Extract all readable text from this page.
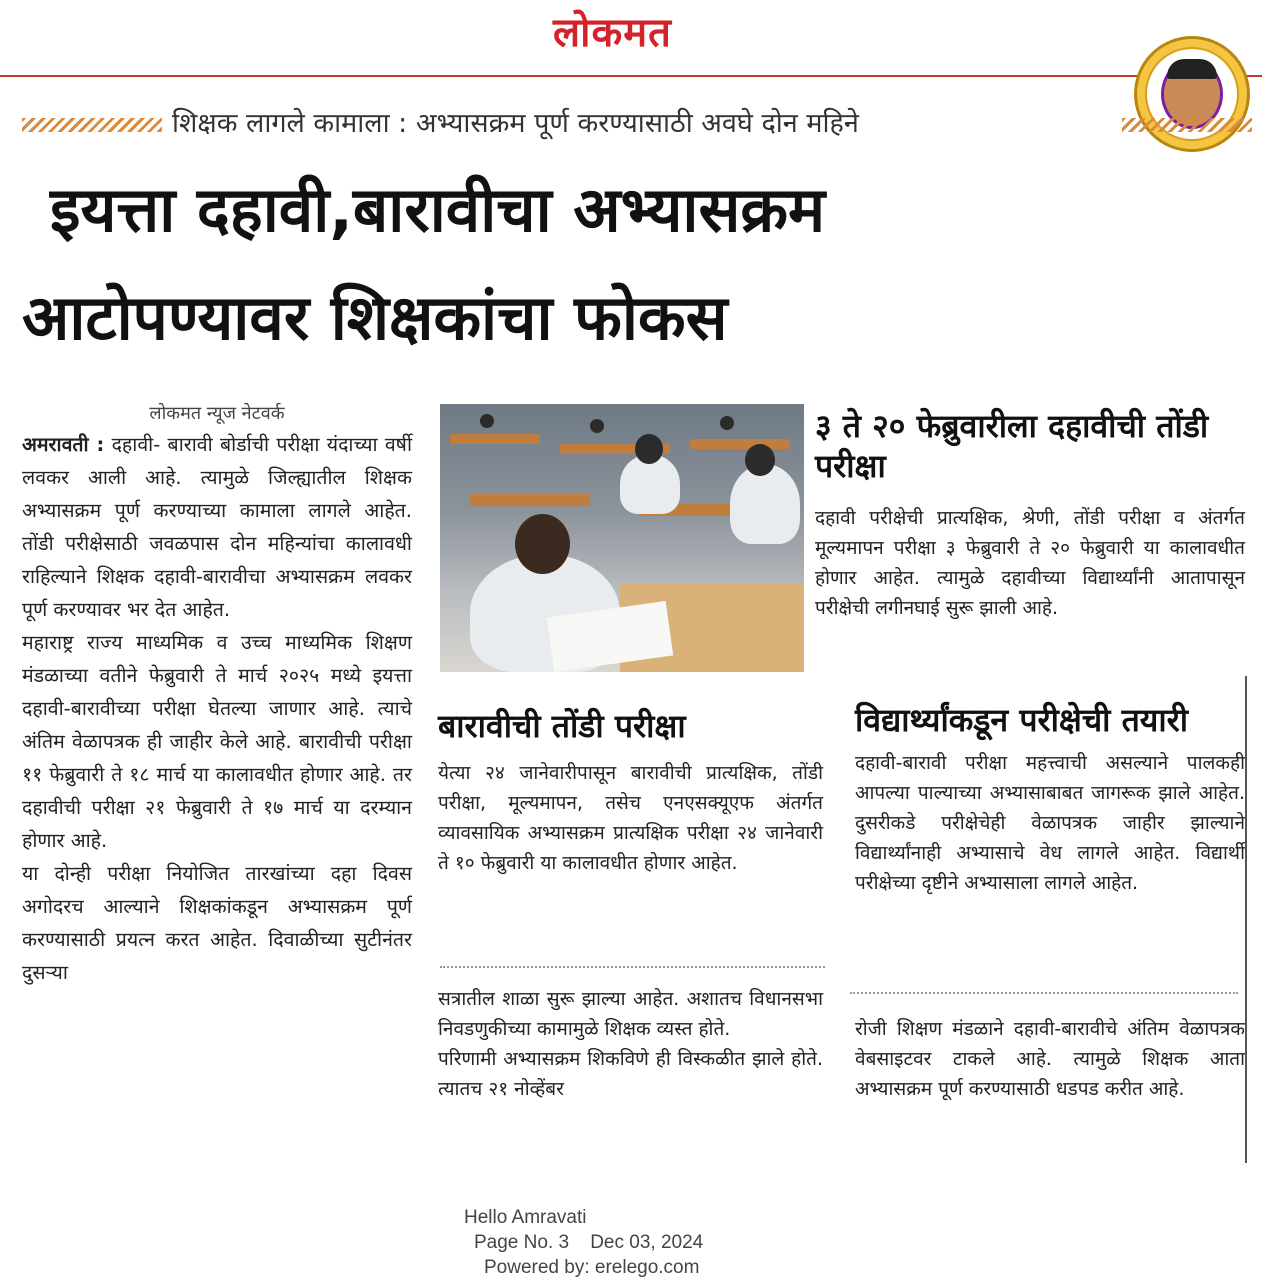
लोकमत
शिक्षक लागले कामाला : अभ्यासक्रम पूर्ण करण्यासाठी अवघे दोन महिने
इयत्ता दहावी,बारावीचा अभ्यासक्रम
आटोपण्यावर शिक्षकांचा फोकस
लोकमत न्यूज नेटवर्क

अमरावती : दहावी- बारावी बोर्डाची परीक्षा यंदाच्या वर्षी लवकर आली आहे. त्यामुळे जिल्ह्यातील शिक्षक अभ्यासक्रम पूर्ण करण्याच्या कामाला लागले आहेत. तोंडी परीक्षेसाठी जवळपास दोन महिन्यांचा कालावधी राहिल्याने शिक्षक दहावी-बारावीचा अभ्यासक्रम लवकर पूर्ण करण्यावर भर देत आहेत.

महाराष्ट्र राज्य माध्यमिक व उच्च माध्यमिक शिक्षण मंडळाच्या वतीने फेब्रुवारी ते मार्च २०२५ मध्ये इयत्ता दहावी-बारावीच्या परीक्षा घेतल्या जाणार आहे. त्याचे अंतिम वेळापत्रक ही जाहीर केले आहे. बारावीची परीक्षा ११ फेब्रुवारी ते १८ मार्च या कालावधीत होणार आहे. तर दहावीची परीक्षा २१ फेब्रुवारी ते १७ मार्च या दरम्यान होणार आहे.

या दोन्ही परीक्षा नियोजित तारखांच्या दहा दिवस अगोदरच आल्याने शिक्षकांकडून अभ्यासक्रम पूर्ण करण्यासाठी प्रयत्न करत आहेत. दिवाळीच्या सुटीनंतर दुसऱ्या

३ ते २० फेब्रुवारीला दहावीची तोंडी परीक्षा
दहावी परीक्षेची प्रात्यक्षिक, श्रेणी, तोंडी परीक्षा व अंतर्गत मूल्यमापन परीक्षा ३ फेब्रुवारी ते २० फेब्रुवारी या कालावधीत होणार आहेत. त्यामुळे दहावीच्या विद्यार्थ्यांनी आतापासून परीक्षेची लगीनघाई सुरू झाली आहे.
बारावीची तोंडी परीक्षा
येत्या २४ जानेवारीपासून बारावीची प्रात्यक्षिक, तोंडी परीक्षा, मूल्यमापन, तसेच एनएसक्यूएफ अंतर्गत व्यावसायिक अभ्यासक्रम प्रात्यक्षिक परीक्षा २४ जानेवारी ते १० फेब्रुवारी या कालावधीत होणार आहेत.
विद्यार्थ्यांकडून परीक्षेची तयारी
दहावी-बारावी परीक्षा महत्त्वाची असल्याने पालकही आपल्या पाल्याच्या अभ्यासाबाबत जागरूक झाले आहेत. दुसरीकडे परीक्षेचेही वेळापत्रक जाहीर झाल्याने विद्यार्थ्यांनाही अभ्यासाचे वेध लागले आहेत. विद्यार्थी परीक्षेच्या दृष्टीने अभ्यासाला लागले आहेत.

सत्रातील शाळा सुरू झाल्या आहेत. अशातच विधानसभा निवडणुकीच्या कामामुळे शिक्षक व्यस्त होते.

परिणामी अभ्यासक्रम शिकविणे ही विस्कळीत झाले होते. त्यातच २१ नोव्हेंबर

रोजी शिक्षण मंडळाने दहावी-बारावीचे अंतिम वेळापत्रक वेबसाइटवर टाकले आहे. त्यामुळे शिक्षक आता अभ्यासक्रम पूर्ण करण्यासाठी धडपड करीत आहे.
Hello Amravati
Page No. 3 Dec 03, 2024
Powered by: erelego.com
